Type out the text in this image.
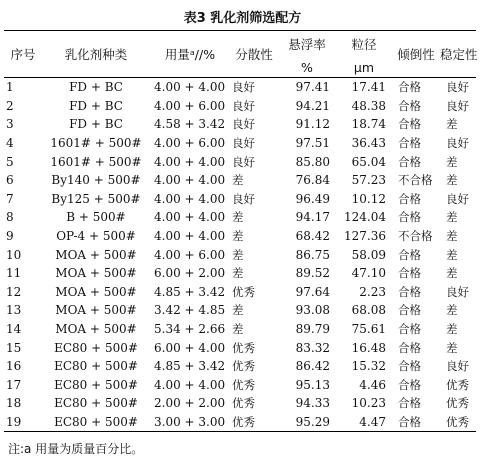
表3 乳化剂筛选配方
序号	乳化剂种类	用量ᵃ//%	分散性	悬浮率	粒径	倾倒性	稳定性
				%	μm		
1	FD + BC	4.00 + 4.00	良好	97.41	17.41	合格	良好
2	FD + BC	4.00 + 6.00	良好	94.21	48.38	合格	良好
3	FD + BC	4.58 + 3.42	良好	91.12	18.74	合格	差
4	1601# + 500#	4.00 + 6.00	良好	97.51	36.43	合格	良好
5	1601# + 500#	4.00 + 4.00	良好	85.80	65.04	合格	差
6	By140 + 500#	4.00 + 4.00	差	76.84	57.23	不合格	差
7	By125 + 500#	4.00 + 4.00	良好	96.49	10.12	合格	良好
8	B + 500#	4.00 + 4.00	差	94.17	124.04	合格	差
9	OP-4 + 500#	4.00 + 4.00	差	68.42	127.36	不合格	差
10	MOA + 500#	4.00 + 6.00	差	86.75	58.09	合格	差
11	MOA + 500#	6.00 + 2.00	差	89.52	47.10	合格	差
12	MOA + 500#	4.85 + 3.42	优秀	97.64	2.23	合格	良好
13	MOA + 500#	3.42 + 4.85	差	93.08	68.08	合格	差
14	MOA + 500#	5.34 + 2.66	差	89.79	75.61	合格	差
15	EC80 + 500#	6.00 + 4.00	优秀	83.32	16.48	合格	差
16	EC80 + 500#	4.85 + 3.42	优秀	86.42	15.32	合格	良好
17	EC80 + 500#	4.00 + 4.00	优秀	95.13	4.46	合格	优秀
18	EC80 + 500#	2.00 + 2.00	优秀	94.33	10.23	合格	优秀
19	EC80 + 500#	3.00 + 3.00	优秀	95.29	4.47	合格	优秀
注:a 用量为质量百分比。
